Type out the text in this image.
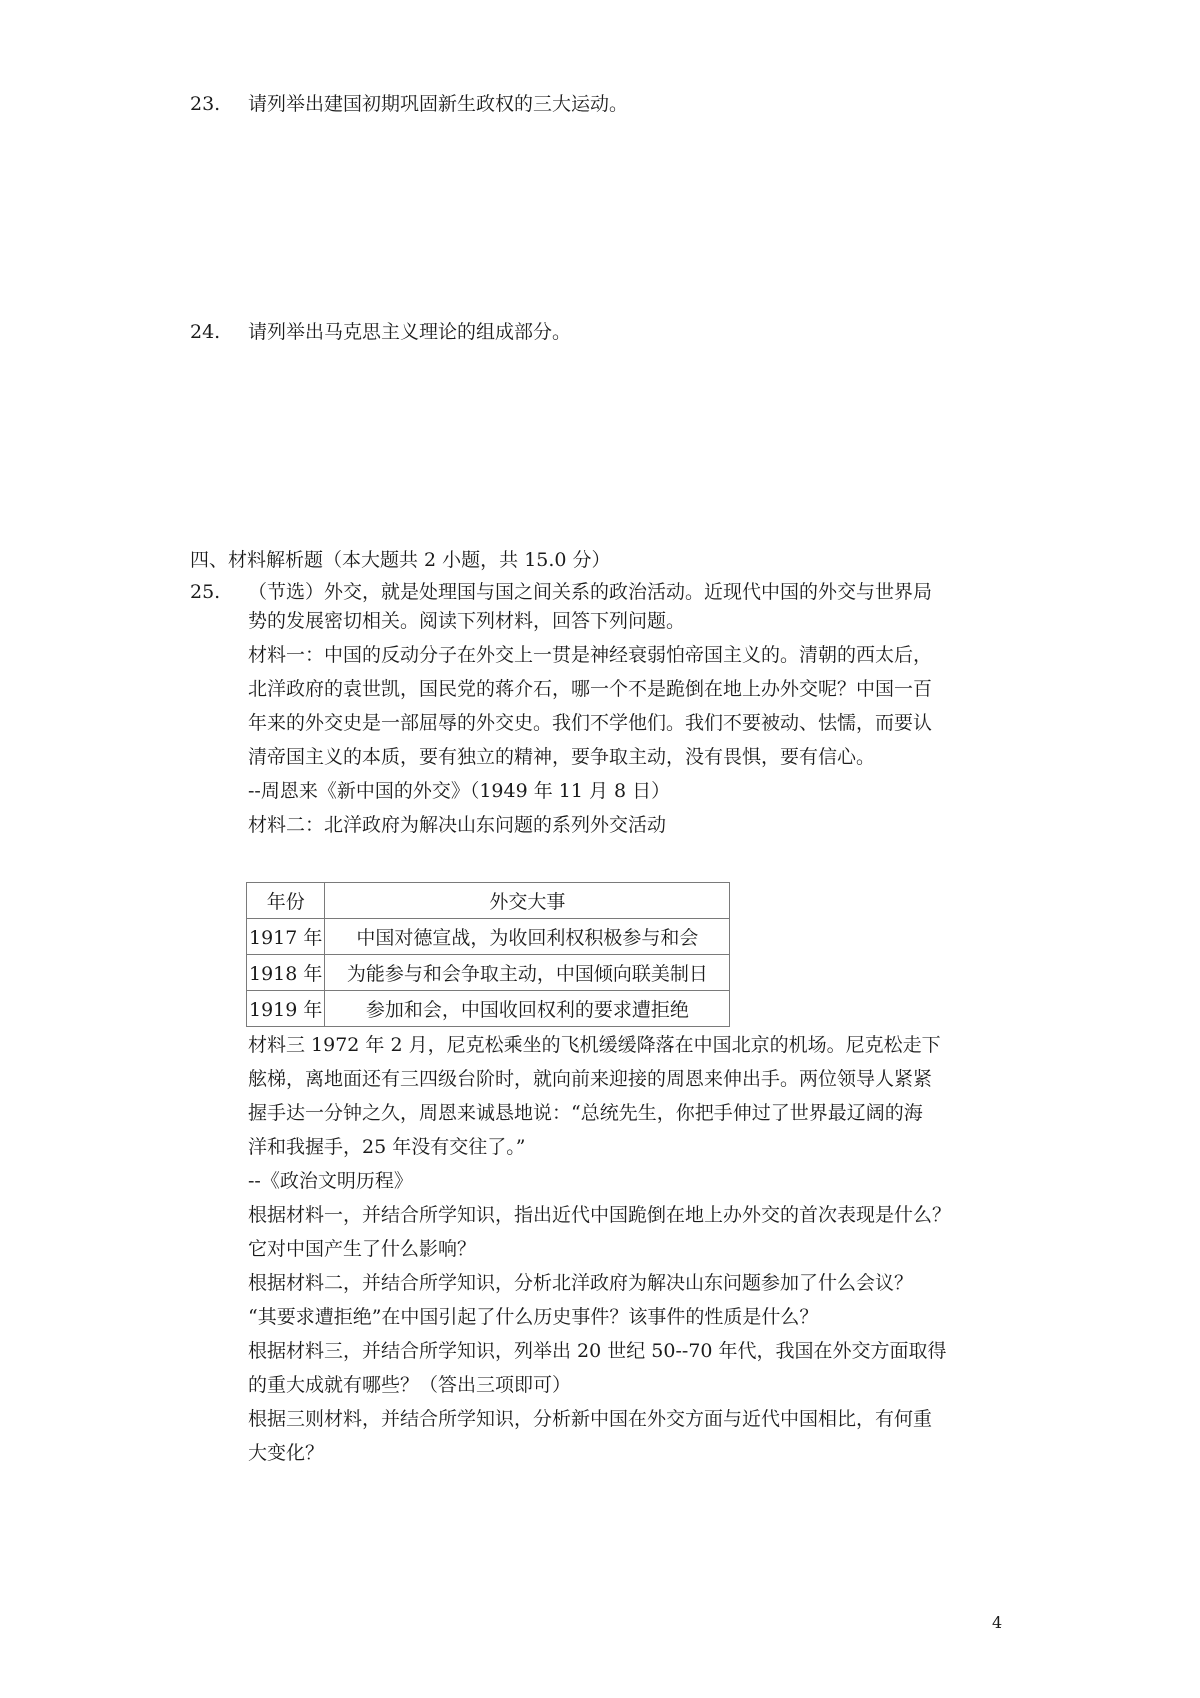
23. 请列举出建国初期巩固新生政权的三大运动。
24. 请列举出马克思主义理论的组成部分。
四、材料解析题（本大题共 2 小题，共 15.0 分）
25. （节选）外交，就是处理国与国之间关系的政治活动。近现代中国的外交与世界局

势的发展密切相关。阅读下列材料，回答下列问题。

材料一：中国的反动分子在外交上一贯是神经衰弱怕帝国主义的。清朝的西太后，

北洋政府的袁世凯，国民党的蒋介石，哪一个不是跪倒在地上办外交呢？中国一百

年来的外交史是一部屈辱的外交史。我们不学他们。我们不要被动、怯懦，而要认

清帝国主义的本质，要有独立的精神，要争取主动，没有畏惧，要有信心。

--周恩来《新中国的外交》（1949 年 11 月 8 日）

材料二：北洋政府为解决山东问题的系列外交活动

年份	外交大事
1917 年	中国对德宣战，为收回利权积极参与和会
1918 年	为能参与和会争取主动，中国倾向联美制日
1919 年	参加和会，中国收回权利的要求遭拒绝

材料三 1972 年 2 月，尼克松乘坐的飞机缓缓降落在中国北京的机场。尼克松走下

舷梯，离地面还有三四级台阶时，就向前来迎接的周恩来伸出手。两位领导人紧紧

握手达一分钟之久，周恩来诚恳地说：“总统先生，你把手伸过了世界最辽阔的海

洋和我握手，25 年没有交往了。”

--《政治文明历程》

根据材料一，并结合所学知识，指出近代中国跪倒在地上办外交的首次表现是什么？

它对中国产生了什么影响？

根据材料二，并结合所学知识，分析北洋政府为解决山东问题参加了什么会议？

“其要求遭拒绝”在中国引起了什么历史事件？该事件的性质是什么？

根据材料三，并结合所学知识，列举出 20 世纪 50--70 年代，我国在外交方面取得

的重大成就有哪些？（答出三项即可）

根据三则材料，并结合所学知识，分析新中国在外交方面与近代中国相比，有何重

大变化？

4
